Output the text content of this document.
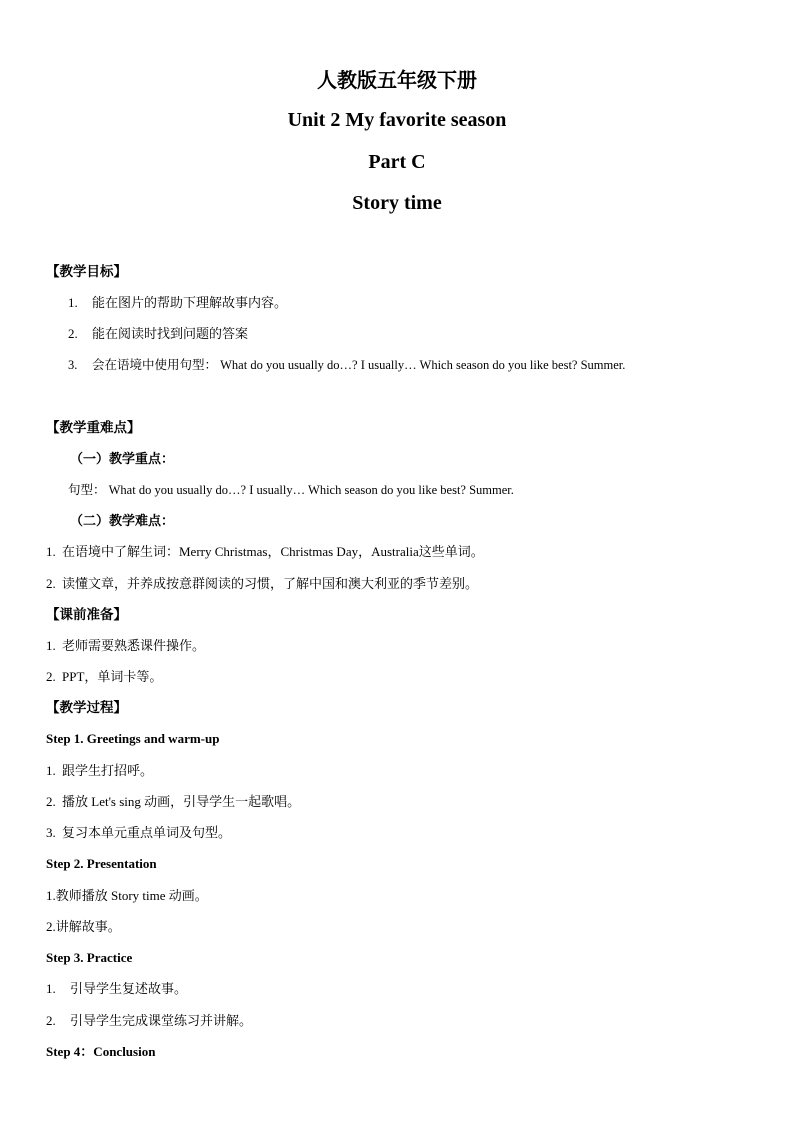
人教版五年级下册
Unit 2 My favorite season
Part C
Story time
【教学目标】
1. 能在图片的帮助下理解故事内容。
2. 能在阅读时找到问题的答案
3. 会在语境中使用句型： What do you usually do…? I usually… Which season do you like best? Summer.
【教学重难点】
（一）教学重点：
句型： What do you usually do…? I usually… Which season do you like best? Summer.
（二）教学难点：
1. 在语境中了解生词：Merry Christmas，Christmas Day，Australia这些单词。
2. 读懂文章，并养成按意群阅读的习惯，了解中国和澳大利亚的季节差别。
【课前准备】
1. 老师需要熟悉课件操作。
2. PPT，单词卡等。
【教学过程】
Step 1. Greetings and warm-up
1. 跟学生打招呼。
2. 播放 Let's sing 动画，引导学生一起歌唱。
3. 复习本单元重点单词及句型。
Step 2. Presentation
1.教师播放 Story time 动画。
2.讲解故事。
Step 3. Practice
1. 引导学生复述故事。
2. 引导学生完成课堂练习并讲解。
Step 4：Conclusion
